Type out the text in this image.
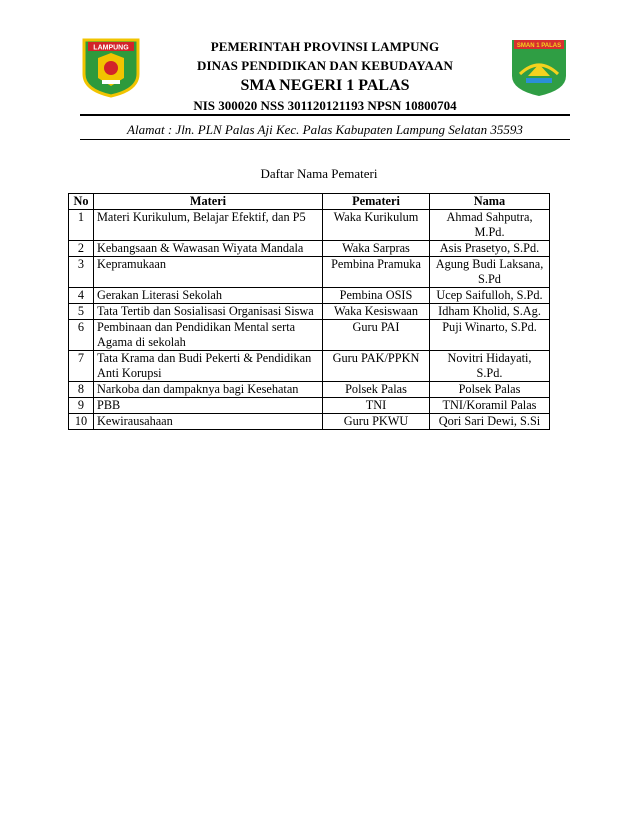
LAMPUNG	PEMERINTAH PROVINSI LAMPUNG
DINAS PENDIDIKAN DAN KEBUDAYAAN
SMA NEGERI 1 PALAS
NIS 300020 NSS 301120121193 NPSN 10800704
SMAN 1 PALAS
Alamat : Jln. PLN Palas Aji Kec. Palas Kabupaten Lampung Selatan 35593
Daftar Nama Pemateri
No	Materi	Pemateri	Nama
1	Materi Kurikulum, Belajar Efektif, dan P5	Waka Kurikulum	Ahmad Sahputra, M.Pd.
2	Kebangsaan & Wawasan Wiyata Mandala	Waka Sarpras	Asis Prasetyo, S.Pd.
3	Kepramukaan	Pembina Pramuka	Agung Budi Laksana, S.Pd
4	Gerakan Literasi Sekolah	Pembina OSIS	Ucep Saifulloh, S.Pd.
5	Tata Tertib dan Sosialisasi Organisasi Siswa	Waka Kesiswaan	Idham Kholid, S.Ag.
6	Pembinaan dan Pendidikan Mental serta Agama di sekolah	Guru PAI	Puji Winarto, S.Pd.
7	Tata Krama dan Budi Pekerti & Pendidikan Anti Korupsi	Guru PAK/PPKN	Novitri Hidayati, S.Pd.
8	Narkoba dan dampaknya bagi Kesehatan	Polsek Palas	Polsek Palas
9	PBB	TNI	TNI/Koramil Palas
10	Kewirausahaan	Guru PKWU	Qori Sari Dewi, S.Si
